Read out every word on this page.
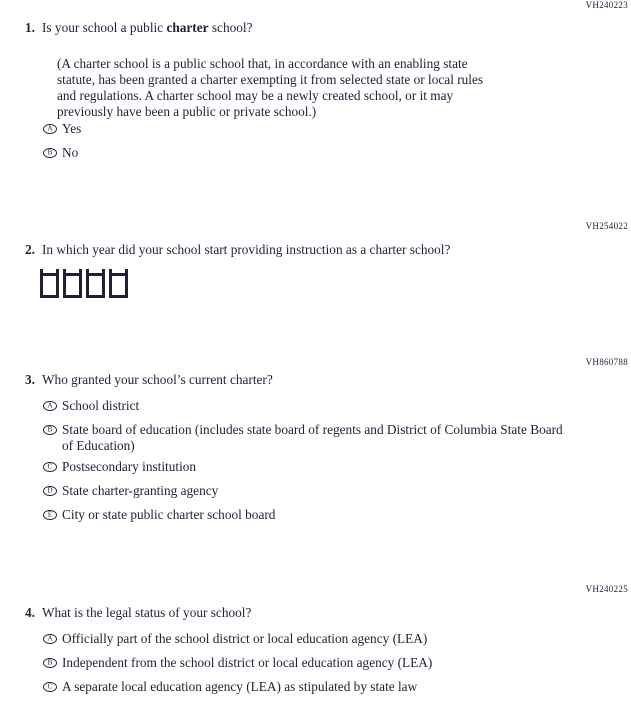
VH240223
1. Is your school a public charter school?
(A charter school is a public school that, in accordance with an enabling state
statute, has been granted a charter exempting it from selected state or local rules
and regulations. A charter school may be a newly created school, or it may
previously have been a public or private school.)
A Yes
B No
VH254022
2. In which year did your school start providing instruction as a charter school?
VH860788
3. Who granted your school’s current charter?
A School district
B State board of education (includes state board of regents and District of Columbia State Board
of Education)
C Postsecondary institution
D State charter-granting agency
E City or state public charter school board
VH240225
4. What is the legal status of your school?
A Officially part of the school district or local education agency (LEA)
B Independent from the school district or local education agency (LEA)
C A separate local education agency (LEA) as stipulated by state law
